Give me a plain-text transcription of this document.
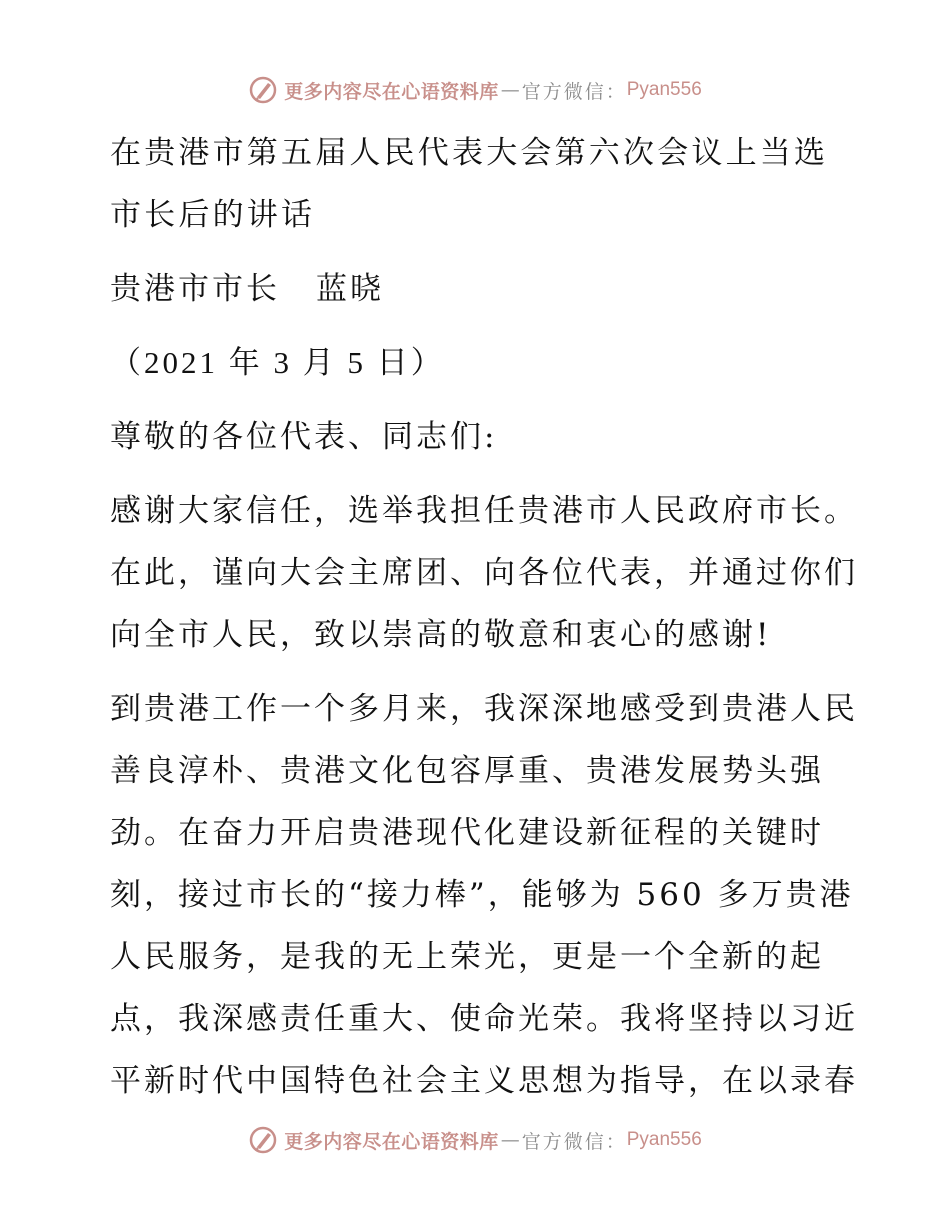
更多内容尽在心语资料库 — 官方微信： Pyan556

在贵港市第五届人民代表大会第六次会议上当选市长后的讲话

贵港市市长 蓝晓

（2021 年 3 月 5 日）

尊敬的各位代表、同志们:

感谢大家信任，选举我担任贵港市人民政府市长。在此，谨向大会主席团、向各位代表，并通过你们向全市人民，致以崇高的敬意和衷心的感谢!

到贵港工作一个多月来，我深深地感受到贵港人民善良淳朴、贵港文化包容厚重、贵港发展势头强劲。在奋力开启贵港现代化建设新征程的关键时刻，接过市长的“接力棒”，能够为 560 多万贵港人民服务，是我的无上荣光，更是一个全新的起点，我深感责任重大、使命光荣。我将坚持以习近平新时代中国特色社会主义思想为指导，在以录春

更多内容尽在心语资料库 — 官方微信： Pyan556
